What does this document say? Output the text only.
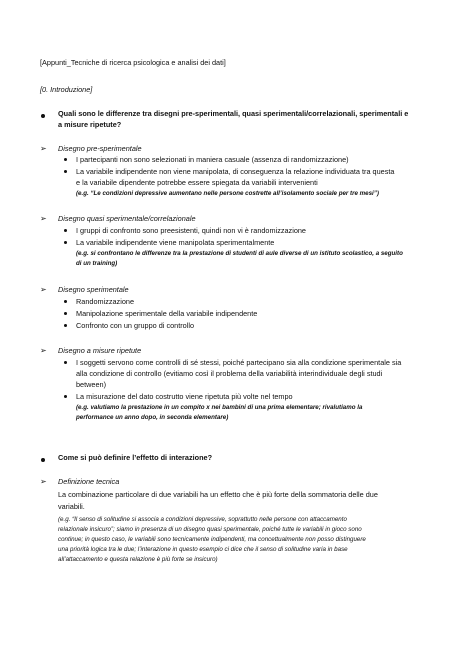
[Appunti_Tecniche di ricerca psicologica e analisi dei dati]
[0. Introduzione]
Quali sono le differenze tra disegni pre-sperimentali, quasi sperimentali/correlazionali, sperimentali e
a misure ripetute?
➢ Disegno pre-sperimentale
I partecipanti non sono selezionati in maniera casuale (assenza di randomizzazione)
La variabile indipendente non viene manipolata, di conseguenza la relazione individuata tra questa
e la variabile dipendente potrebbe essere spiegata da variabili intervenienti
(e.g. “Le condizioni depressive aumentano nelle persone costrette all’isolamento sociale per tre mesi”)
➢ Disegno quasi sperimentale/correlazionale
I gruppi di confronto sono preesistenti, quindi non vi è randomizzazione
La variabile indipendente viene manipolata sperimentalmente
(e.g. si confrontano le differenze tra la prestazione di studenti di aule diverse di un istituto scolastico, a seguito
di un training)
➢ Disegno sperimentale
Randomizzazione
Manipolazione sperimentale della variabile indipendente
Confronto con un gruppo di controllo
➢ Disegno a misure ripetute
I soggetti servono come controlli di sé stessi, poiché partecipano sia alla condizione sperimentale sia
alla condizione di controllo (evitiamo così il problema della variabilità interindividuale degli studi
between)
La misurazione del dato costrutto viene ripetuta più volte nel tempo
(e.g. valutiamo la prestazione in un compito x nei bambini di una prima elementare; rivalutiamo la
performance un anno dopo, in seconda elementare)
Come si può definire l’effetto di interazione?
➢ Definizione tecnica
La combinazione particolare di due variabili ha un effetto che è più forte della sommatoria delle due
variabili.
(e.g. “Il senso di solitudine si associa a condizioni depressive, soprattutto nelle persone con attaccamento
relazionale insicuro”; siamo in presenza di un disegno quasi sperimentale, poiché tutte le variabili in gioco sono
continue; in questo caso, le variabili sono tecnicamente indipendenti, ma concettualmente non posso distinguere
una priorità logica tra le due; l’interazione in questo esempio ci dice che il senso di solitudine varia in base
all’attaccamento e questa relazione è più forte se insicuro)
